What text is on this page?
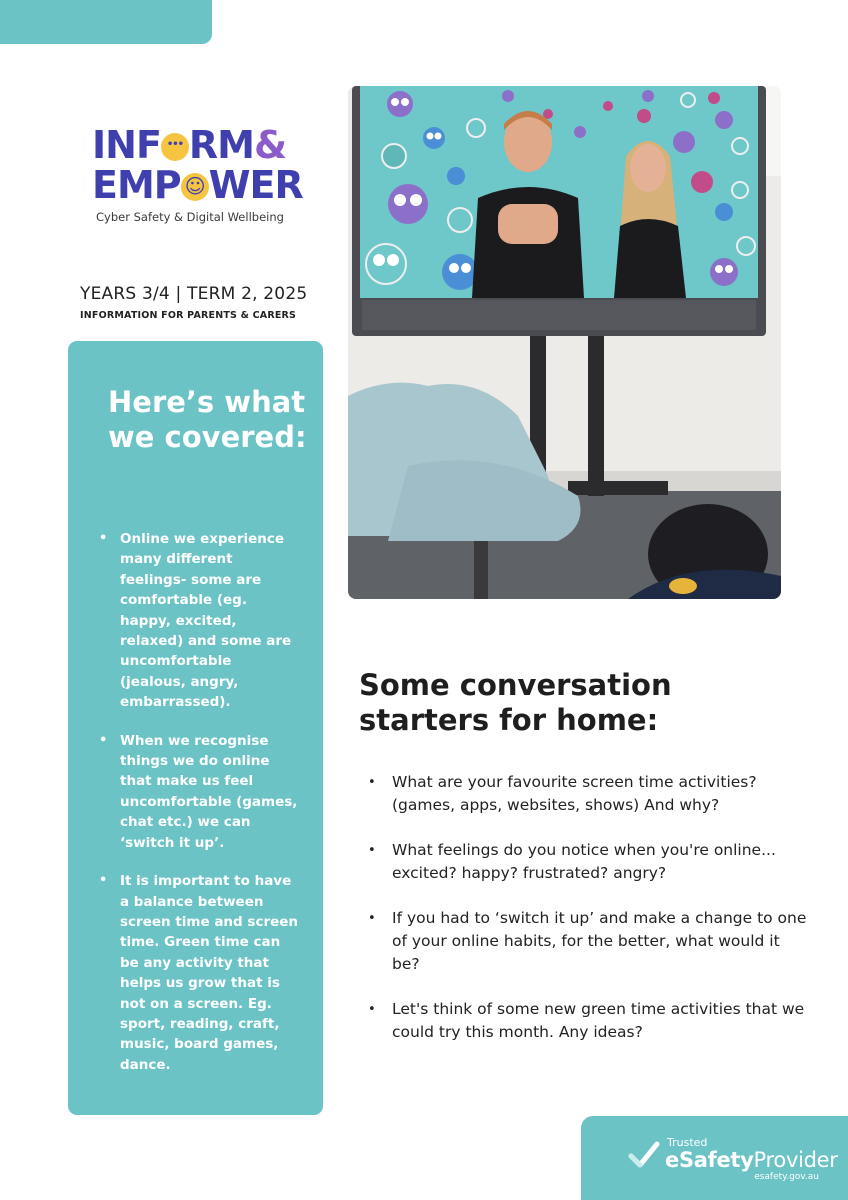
INF ••• RM&
EMP ☺ WER
Cyber Safety & Digital Wellbeing
YEARS 3/4 | TERM 2, 2025
INFORMATION FOR PARENTS & CARERS
Here’s what we covered:
• Online we experience many different feelings- some are comfortable (eg. happy, excited, relaxed) and some are uncomfortable (jealous, angry, embarrassed).
• When we recognise things we do online that make us feel uncomfortable (games, chat etc.) we can ‘switch it up’.
• It is important to have a balance between screen time and screen time. Green time can be any activity that helps us grow that is not on a screen. Eg. sport, reading, craft, music, board games, dance.
Some conversation starters for home:
• What are your favourite screen time activities? (games, apps, websites, shows) And why?
• What feelings do you notice when you're online... excited? happy? frustrated? angry?
• If you had to ‘switch it up’ and make a change to one of your online habits, for the better, what would it be?
• Let's think of some new green time activities that we could try this month. Any ideas?
Trusted
eSafetyProvider
esafety.gov.au
